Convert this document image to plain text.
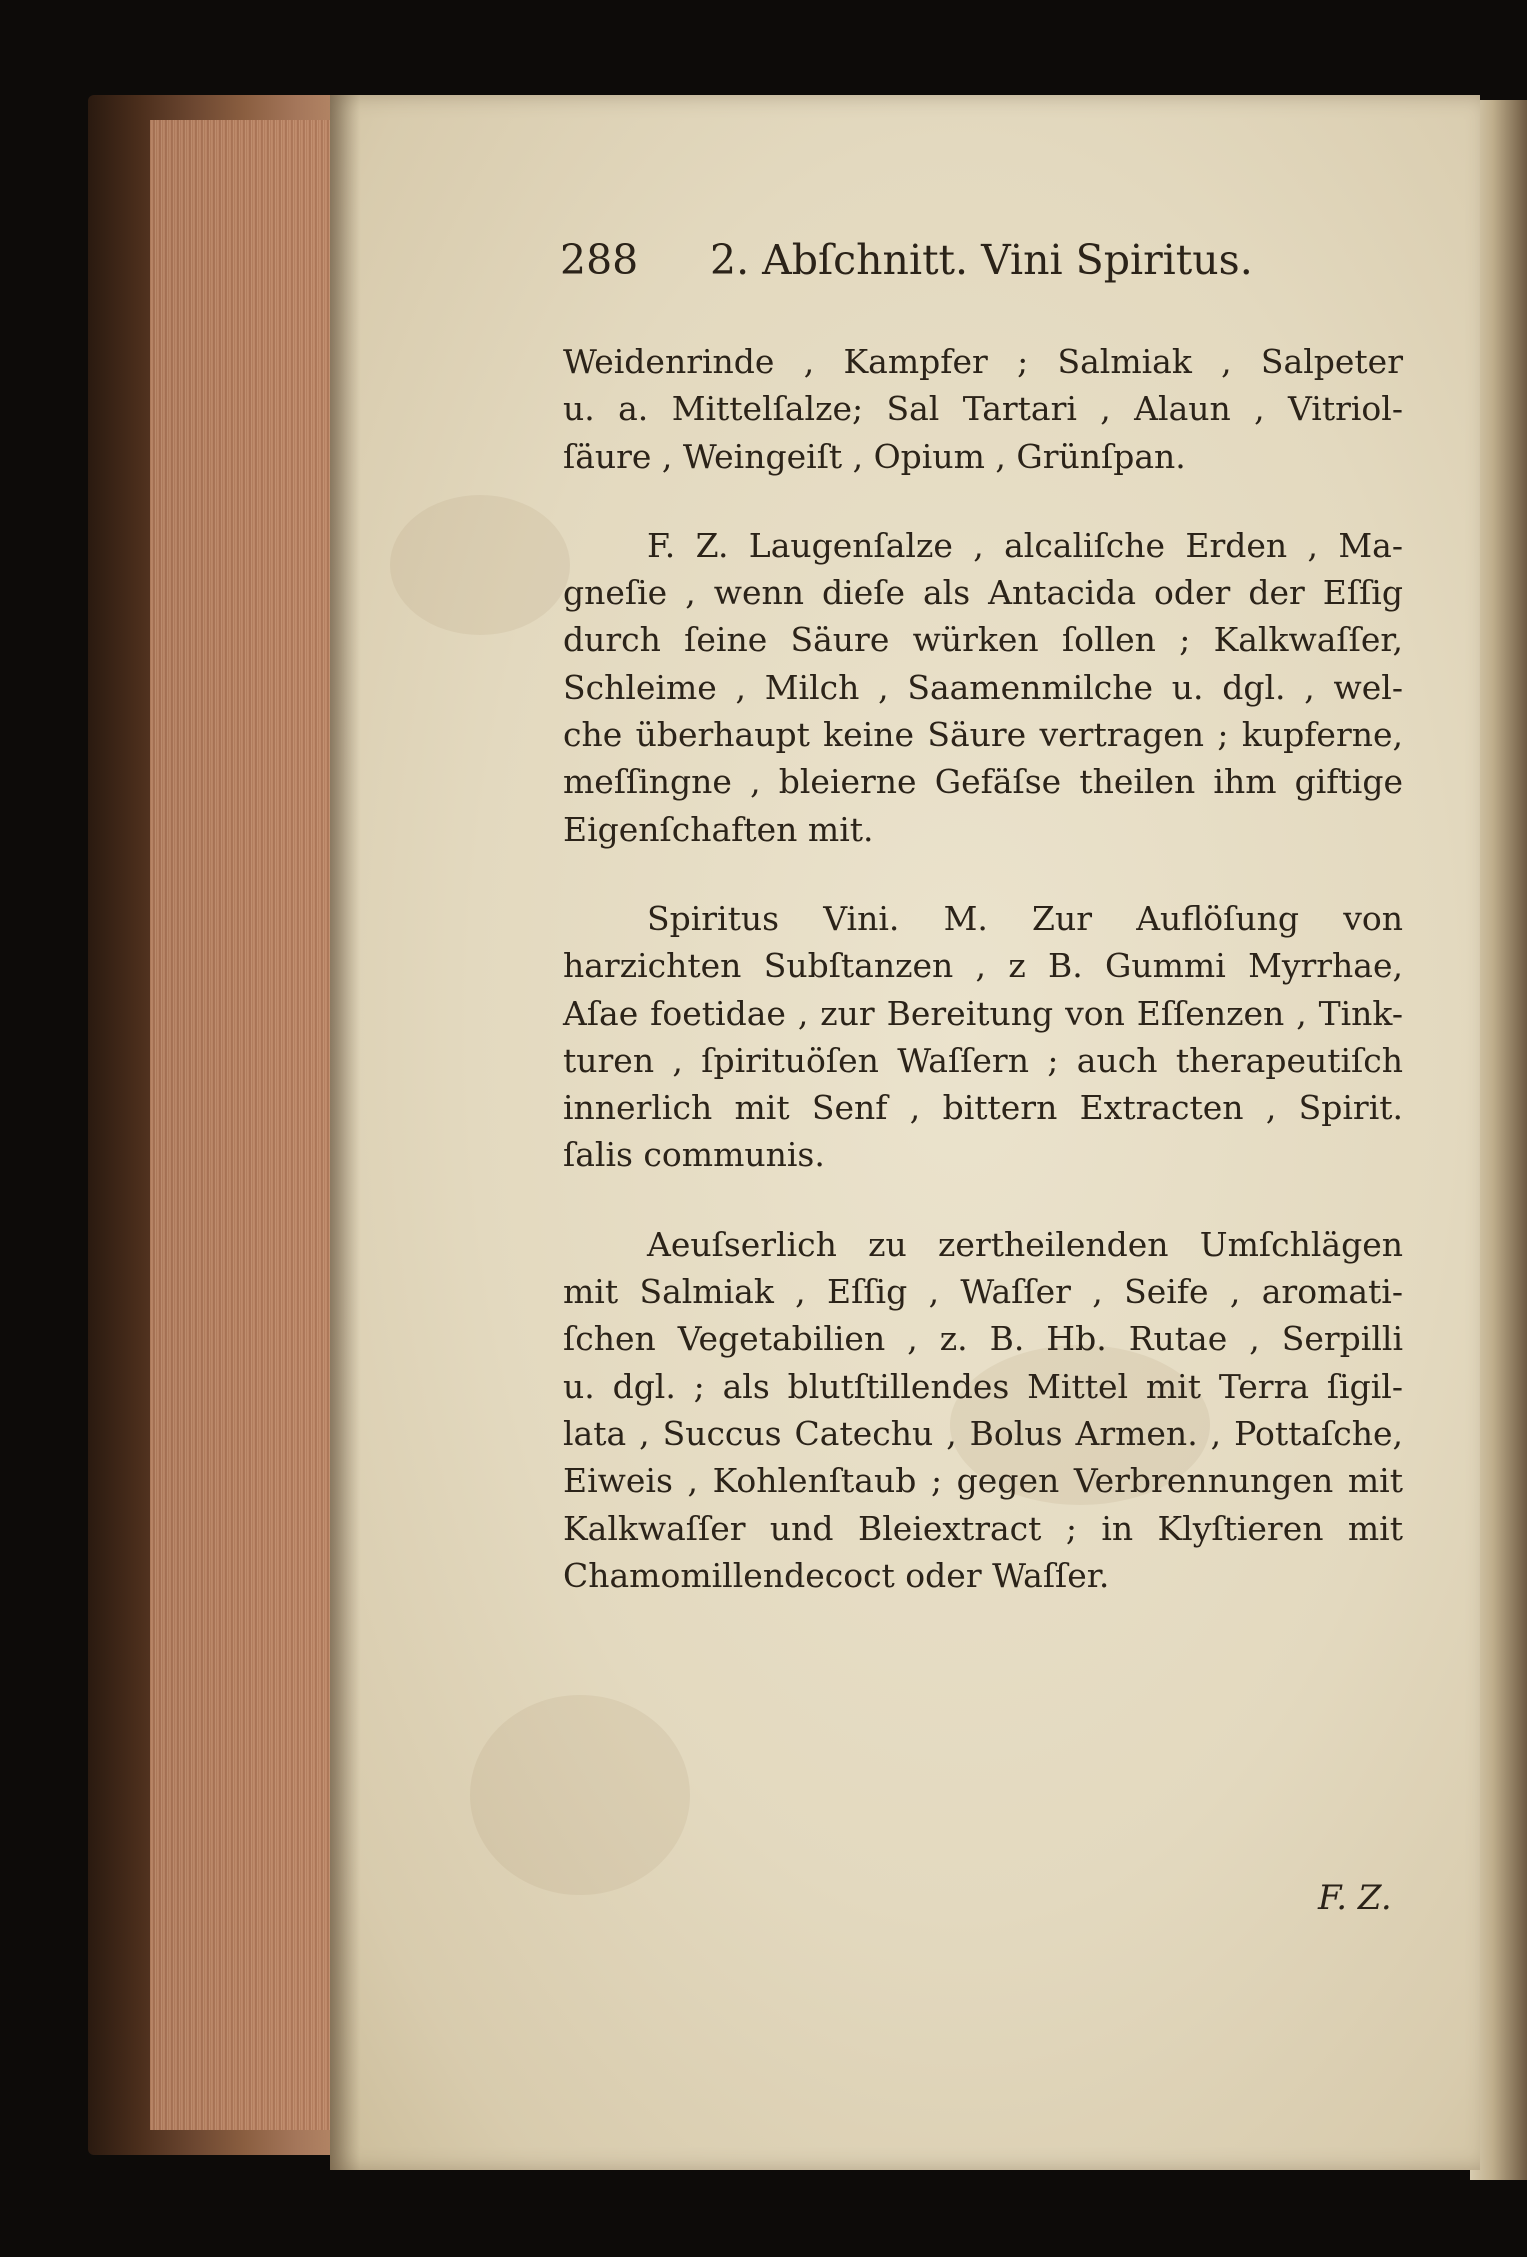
288 2. Abſchnitt. Vini Spiritus.
Weidenrinde , Kampfer ; Salmiak , Salpeter
u. a. Mittelſalze; Sal Tartari , Alaun , Vitriol-
ſäure , Weingeiſt , Opium , Grünſpan.
F. Z. Laugenſalze , alcaliſche Erden , Ma-
gneſie , wenn dieſe als Antacida oder der Eſſig
durch ſeine Säure würken ſollen ; Kalkwaſſer,
Schleime , Milch , Saamenmilche u. dgl. , wel-
che überhaupt keine Säure vertragen ; kupferne,
meſſingne , bleierne Gefäſse theilen ihm giftige
Eigenſchaften mit.
Spiritus Vini. M. Zur Auflöſung von
harzichten Subſtanzen , z B. Gummi Myrrhae,
Aſae foetidae , zur Bereitung von Eſſenzen , Tink-
turen , ſpirituöſen Waſſern ; auch therapeutiſch
innerlich mit Senf , bittern Extracten , Spirit.
ſalis communis.
Aeuſserlich zu zertheilenden Umſchlägen
mit Salmiak , Eſſig , Waſſer , Seife , aromati-
ſchen Vegetabilien , z. B. Hb. Rutae , Serpilli
u. dgl. ; als blutſtillendes Mittel mit Terra ſigil-
lata , Succus Catechu , Bolus Armen. , Pottaſche,
Eiweis , Kohlenſtaub ; gegen Verbrennungen mit
Kalkwaſſer und Bleiextract ; in Klyſtieren mit
Chamomillendecoct oder Waſſer.
F. Z.
